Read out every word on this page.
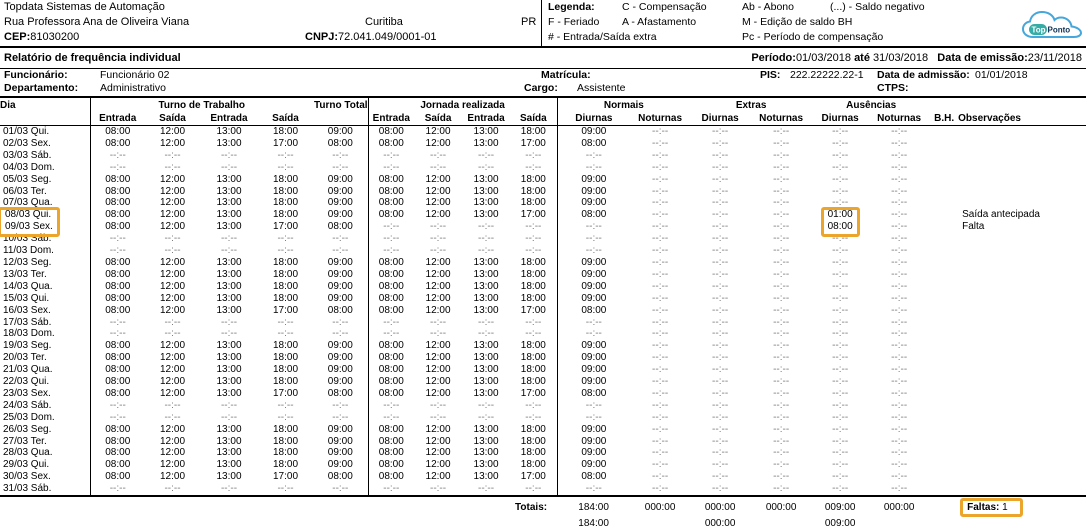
Topdata Sistemas de Automação
Rua Professora Ana de Oliveira Viana	Curitiba	PR
CEP: 81030200	CNPJ: 72.041.049/0001-01
Legenda:	C - Compensação	Ab - Abono	(...) - Saldo negativo
F - Feriado	A - Afastamento	M - Edição de saldo BH
# - Entrada/Saída extra	Pc - Período de compensação
Top Ponto
Relatório de frequência individual	Período:01/03/2018 até 31/03/2018 Data de emissão:23/11/2018
Funcionário:	Funcionário 02	Matrícula:	PIS: 222.22222.22-1 Data de admissão: 01/01/2018
Departamento: Administrativo	Cargo: Assistente	CTPS:
Dia	Turno de Trabalho				Turno Total	Jornada realizada				Normais		Extras		Ausências			
	Entrada	Saída	Entrada	Saída		Entrada	Saída	Entrada	Saída	Diurnas	Noturnas	Diurnas	Noturnas	Diurnas	Noturnas	B.H.	Observações
01/03 Qui.	08:00	12:00	13:00	18:00	09:00	08:00	12:00	13:00	18:00	09:00	--:--	--:--	--:--	--:--	--:--		
02/03 Sex.	08:00	12:00	13:00	17:00	08:00	08:00	12:00	13:00	17:00	08:00	--:--	--:--	--:--	--:--	--:--		
03/03 Sáb.	--:--	--:--	--:--	--:--	--:--	--:--	--:--	--:--	--:--	--:--	--:--	--:--	--:--	--:--	--:--		
04/03 Dom.	--:--	--:--	--:--	--:--	--:--	--:--	--:--	--:--	--:--	--:--	--:--	--:--	--:--	--:--	--:--		
05/03 Seg.	08:00	12:00	13:00	18:00	09:00	08:00	12:00	13:00	18:00	09:00	--:--	--:--	--:--	--:--	--:--		
06/03 Ter.	08:00	12:00	13:00	18:00	09:00	08:00	12:00	13:00	18:00	09:00	--:--	--:--	--:--	--:--	--:--		
07/03 Qua.	08:00	12:00	13:00	18:00	09:00	08:00	12:00	13:00	18:00	09:00	--:--	--:--	--:--	--:--	--:--		
08/03 Qui.	08:00	12:00	13:00	18:00	09:00	08:00	12:00	13:00	17:00	08:00	--:--	--:--	--:--	01:00	--:--		Saída antecipada
09/03 Sex.	08:00	12:00	13:00	17:00	08:00	--:--	--:--	--:--	--:--	--:--	--:--	--:--	--:--	08:00	--:--		Falta
10/03 Sáb.	--:--	--:--	--:--	--:--	--:--	--:--	--:--	--:--	--:--	--:--	--:--	--:--	--:--	--:--	--:--		
11/03 Dom.	--:--	--:--	--:--	--:--	--:--	--:--	--:--	--:--	--:--	--:--	--:--	--:--	--:--	--:--	--:--		
12/03 Seg.	08:00	12:00	13:00	18:00	09:00	08:00	12:00	13:00	18:00	09:00	--:--	--:--	--:--	--:--	--:--		
13/03 Ter.	08:00	12:00	13:00	18:00	09:00	08:00	12:00	13:00	18:00	09:00	--:--	--:--	--:--	--:--	--:--		
14/03 Qua.	08:00	12:00	13:00	18:00	09:00	08:00	12:00	13:00	18:00	09:00	--:--	--:--	--:--	--:--	--:--		
15/03 Qui.	08:00	12:00	13:00	18:00	09:00	08:00	12:00	13:00	18:00	09:00	--:--	--:--	--:--	--:--	--:--		
16/03 Sex.	08:00	12:00	13:00	17:00	08:00	08:00	12:00	13:00	17:00	08:00	--:--	--:--	--:--	--:--	--:--		
17/03 Sáb.	--:--	--:--	--:--	--:--	--:--	--:--	--:--	--:--	--:--	--:--	--:--	--:--	--:--	--:--	--:--		
18/03 Dom.	--:--	--:--	--:--	--:--	--:--	--:--	--:--	--:--	--:--	--:--	--:--	--:--	--:--	--:--	--:--		
19/03 Seg.	08:00	12:00	13:00	18:00	09:00	08:00	12:00	13:00	18:00	09:00	--:--	--:--	--:--	--:--	--:--		
20/03 Ter.	08:00	12:00	13:00	18:00	09:00	08:00	12:00	13:00	18:00	09:00	--:--	--:--	--:--	--:--	--:--		
21/03 Qua.	08:00	12:00	13:00	18:00	09:00	08:00	12:00	13:00	18:00	09:00	--:--	--:--	--:--	--:--	--:--		
22/03 Qui.	08:00	12:00	13:00	18:00	09:00	08:00	12:00	13:00	18:00	09:00	--:--	--:--	--:--	--:--	--:--		
23/03 Sex.	08:00	12:00	13:00	17:00	08:00	08:00	12:00	13:00	17:00	08:00	--:--	--:--	--:--	--:--	--:--		
24/03 Sáb.	--:--	--:--	--:--	--:--	--:--	--:--	--:--	--:--	--:--	--:--	--:--	--:--	--:--	--:--	--:--		
25/03 Dom.	--:--	--:--	--:--	--:--	--:--	--:--	--:--	--:--	--:--	--:--	--:--	--:--	--:--	--:--	--:--		
26/03 Seg.	08:00	12:00	13:00	18:00	09:00	08:00	12:00	13:00	18:00	09:00	--:--	--:--	--:--	--:--	--:--		
27/03 Ter.	08:00	12:00	13:00	18:00	09:00	08:00	12:00	13:00	18:00	09:00	--:--	--:--	--:--	--:--	--:--		
28/03 Qua.	08:00	12:00	13:00	18:00	09:00	08:00	12:00	13:00	18:00	09:00	--:--	--:--	--:--	--:--	--:--		
29/03 Qui.	08:00	12:00	13:00	18:00	09:00	08:00	12:00	13:00	18:00	09:00	--:--	--:--	--:--	--:--	--:--		
30/03 Sex.	08:00	12:00	13:00	17:00	08:00	08:00	12:00	13:00	17:00	08:00	--:--	--:--	--:--	--:--	--:--		
31/03 Sáb.	--:--	--:--	--:--	--:--	--:--	--:--	--:--	--:--	--:--	--:--	--:--	--:--	--:--	--:--	--:--		
						Totais:				184:00	000:00	000:00	000:00	009:00	000:00		Faltas: 1
										184:00		000:00		009:00			
